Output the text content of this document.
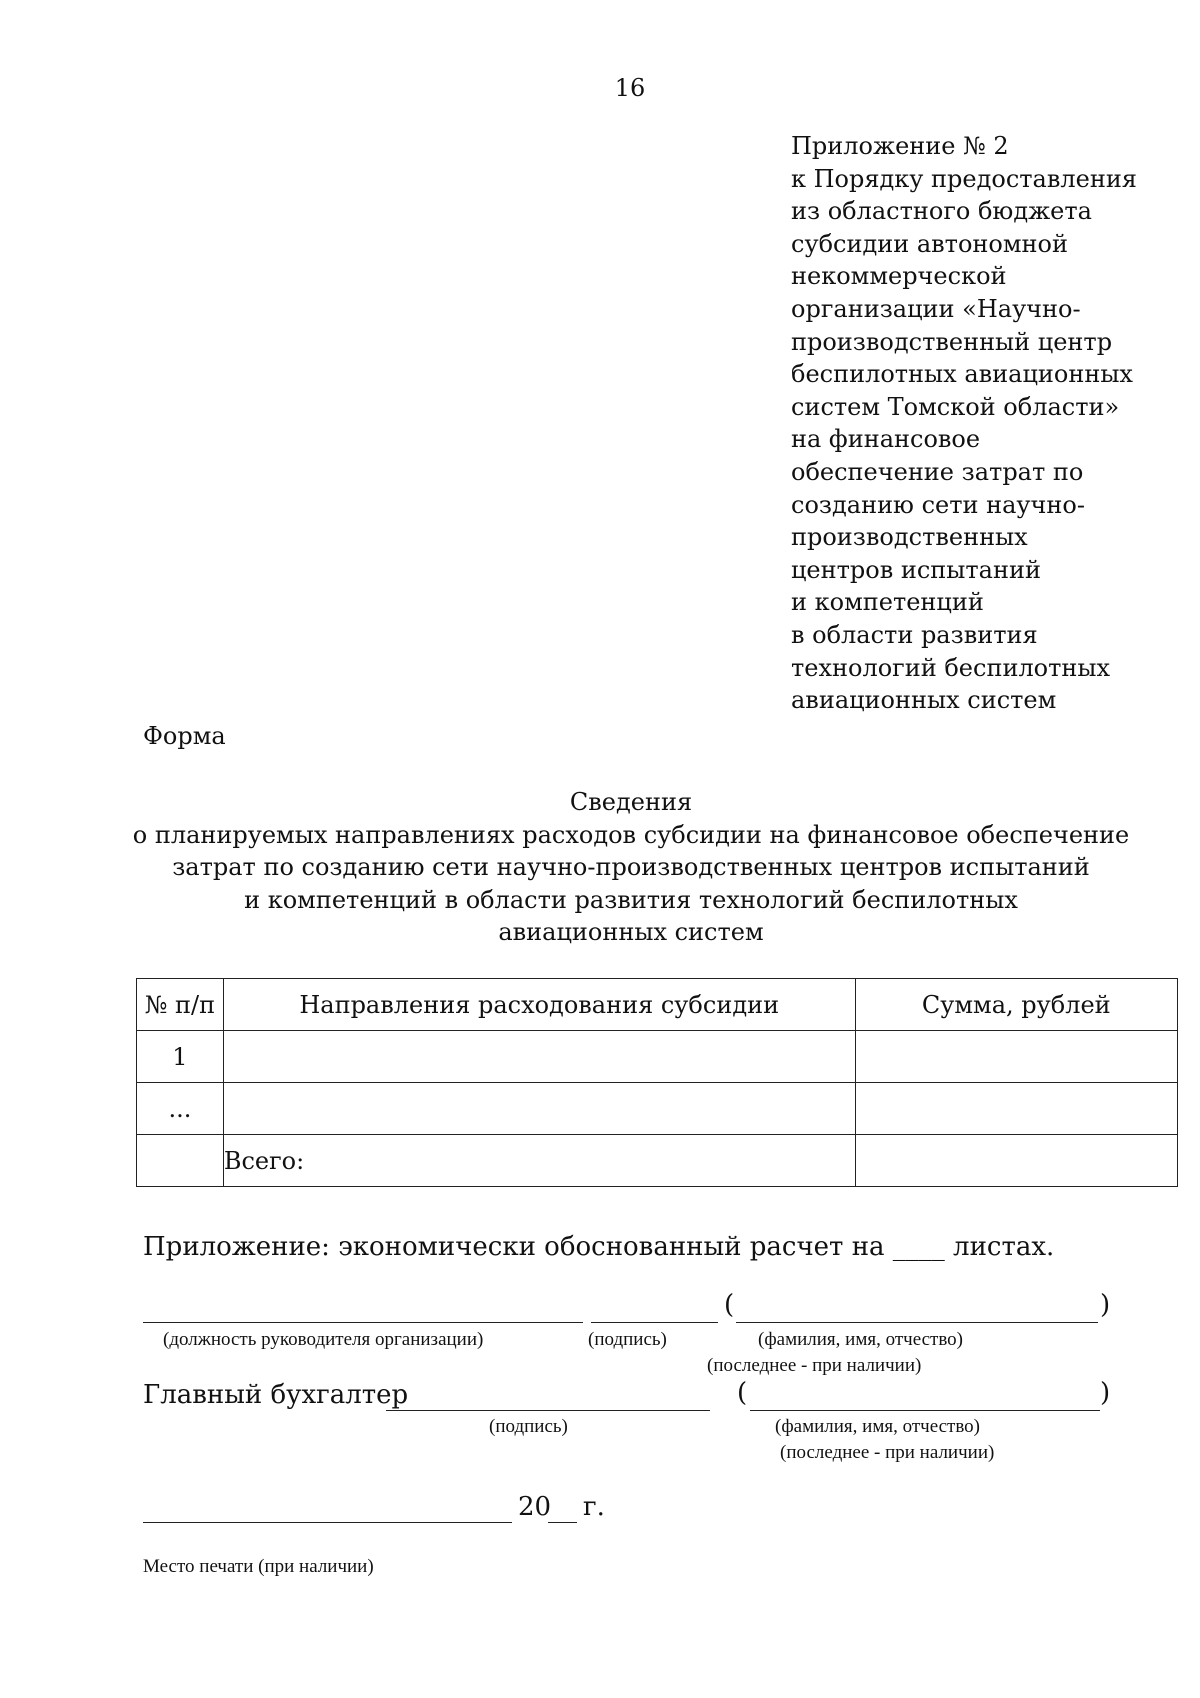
16
Приложение № 2
к Порядку предоставления
из областного бюджета
субсидии автономной
некоммерческой
организации «Научно-
производственный центр
беспилотных авиационных
систем Томской области»
на финансовое
обеспечение затрат по
созданию сети научно-
производственных
центров испытаний
и компетенций
в области развития
технологий беспилотных
авиационных систем
Форма
Сведения
о планируемых направлениях расходов субсидии на финансовое обеспечение
затрат по созданию сети научно-производственных центров испытаний
и компетенций в области развития технологий беспилотных
авиационных систем
№ п/п	Направления расходования субсидии	Сумма, рублей
1		
...		
	Всего:	
Приложение: экономически обоснованный расчет на ____ листах.
(	)
(должность руководителя организации)	(подпись)	(фамилия, имя, отчество)
(последнее - при наличии)
Главный бухгалтер	(	)
(подпись)	(фамилия, имя, отчество)
(последнее - при наличии)
20 г.
Место печати (при наличии)
